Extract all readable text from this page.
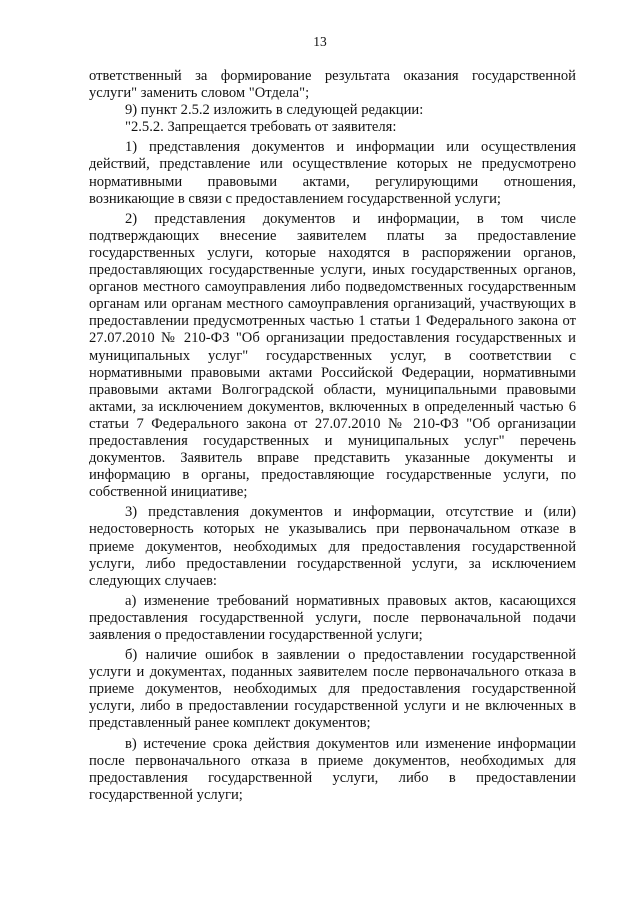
13

ответственный за формирование результата оказания государственной услуги" заменить словом "Отдела";

9) пункт 2.5.2 изложить в следующей редакции:

"2.5.2. Запрещается требовать от заявителя:

1) представления документов и информации или осуществления действий, представление или осуществление которых не предусмотрено нормативными правовыми актами, регулирующими отношения, возникающие в связи с предоставлением государственной услуги;

2) представления документов и информации, в том числе подтверждающих внесение заявителем платы за предоставление государственных услуги, которые находятся в распоряжении органов, предоставляющих государственные услуги, иных государственных органов, органов местного самоуправления либо подведомственных государственным органам или органам местного самоуправления организаций, участвующих в предоставлении предусмотренных частью 1 статьи 1 Федерального закона от 27.07.2010 № 210-ФЗ "Об организации предоставления государственных и муниципальных услуг" государственных услуг, в соответствии с нормативными правовыми актами Российской Федерации, нормативными правовыми актами Волгоградской области, муниципальными правовыми актами, за исключением документов, включенных в определенный частью 6 статьи 7 Федерального закона от 27.07.2010 № 210-ФЗ "Об организации предоставления государственных и муниципальных услуг" перечень документов. Заявитель вправе представить указанные документы и информацию в органы, предоставляющие государственные услуги, по собственной инициативе;

3) представления документов и информации, отсутствие и (или) недостоверность которых не указывались при первоначальном отказе в приеме документов, необходимых для предоставления государственной услуги, либо предоставлении государственной услуги, за исключением следующих случаев:

а) изменение требований нормативных правовых актов, касающихся предоставления государственной услуги, после первоначальной подачи заявления о предоставлении государственной услуги;

б) наличие ошибок в заявлении о предоставлении государственной услуги и документах, поданных заявителем после первоначального отказа в приеме документов, необходимых для предоставления государственной услуги, либо в предоставлении государственной услуги и не включенных в представленный ранее комплект документов;

в) истечение срока действия документов или изменение информации после первоначального отказа в приеме документов, необходимых для предоставления государственной услуги, либо в предоставлении государственной услуги;
